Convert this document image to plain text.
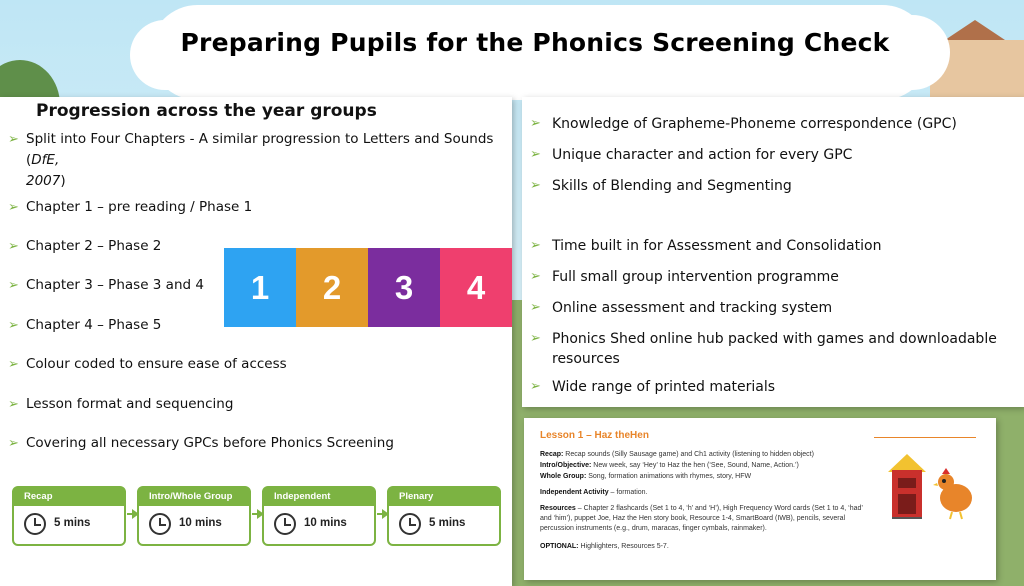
Preparing Pupils for the Phonics Screening Check
Progression across the year groups
➢ Split into Four Chapters - A similar progression to Letters and Sounds (DfE,
2007)
➢ Chapter 1 – pre reading / Phase 1
➢ Chapter 2 – Phase 2
➢ Chapter 3 – Phase 3 and 4
➢ Chapter 4 – Phase 5
➢ Colour coded to ensure ease of access
➢ Lesson format and sequencing
➢ Covering all necessary GPCs before Phonics Screening
1	2	3	4
Recap
5 mins
Intro/Whole Group
10 mins
Independent
10 mins
Plenary
5 mins
➢ Knowledge of Grapheme-Phoneme correspondence (GPC)
➢ Unique character and action for every GPC
➢ Skills of Blending and Segmenting
➢ Time built in for Assessment and Consolidation
➢ Full small group intervention programme
➢ Online assessment and tracking system
➢ Phonics Shed online hub packed with games and downloadable resources
➢ Wide range of printed materials
Lesson 1 – Haz theHen
Recap: Recap sounds (Silly Sausage game) and Ch1 activity (listening to hidden object)
Intro/Objective: New week, say ‘Hey’ to Haz the hen (‘See, Sound, Name, Action.’)
Whole Group: Song, formation animations with rhymes, story, HFW
Independent Activity – formation.
Resources – Chapter 2 flashcards (Set 1 to 4, ‘h’ and ‘H’), High Frequency Word cards (Set 1 to 4, ‘had’ and ‘him’), puppet Joe, Haz the Hen story book, Resource 1-4, SmartBoard (IWB), pencils, several percussion instruments (e.g., drum, maracas, finger cymbals, rainmaker).
OPTIONAL: Highlighters, Resources 5-7.
